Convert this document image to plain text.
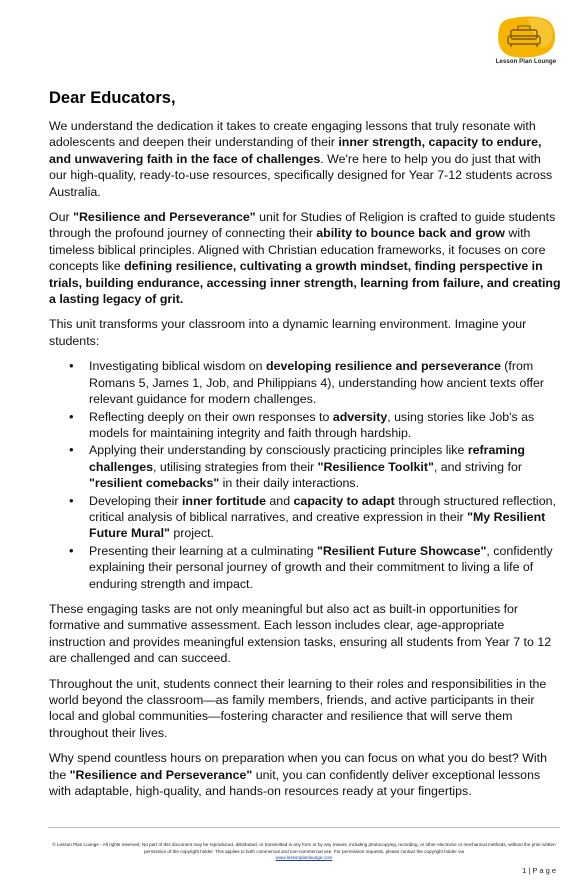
Lesson Plan Lounge
Dear Educators,

We understand the dedication it takes to create engaging lessons that truly resonate with adolescents and deepen their understanding of their inner strength, capacity to endure, and unwavering faith in the face of challenges. We're here to help you do just that with our high-quality, ready-to-use resources, specifically designed for Year 7-12 students across Australia.

Our "Resilience and Perseverance" unit for Studies of Religion is crafted to guide students through the profound journey of connecting their ability to bounce back and grow with timeless biblical principles. Aligned with Christian education frameworks, it focuses on core concepts like defining resilience, cultivating a growth mindset, finding perspective in trials, building endurance, accessing inner strength, learning from failure, and creating a lasting legacy of grit.

This unit transforms your classroom into a dynamic learning environment. Imagine your students:

• Investigating biblical wisdom on developing resilience and perseverance (from Romans 5, James 1, Job, and Philippians 4), understanding how ancient texts offer relevant guidance for modern challenges.
• Reflecting deeply on their own responses to adversity, using stories like Job's as models for maintaining integrity and faith through hardship.
• Applying their understanding by consciously practicing principles like reframing challenges, utilising strategies from their "Resilience Toolkit", and striving for "resilient comebacks" in their daily interactions.
• Developing their inner fortitude and capacity to adapt through structured reflection, critical analysis of biblical narratives, and creative expression in their "My Resilient Future Mural" project.
• Presenting their learning at a culminating "Resilient Future Showcase", confidently explaining their personal journey of growth and their commitment to living a life of enduring strength and impact.

These engaging tasks are not only meaningful but also act as built-in opportunities for formative and summative assessment. Each lesson includes clear, age-appropriate instruction and provides meaningful extension tasks, ensuring all students from Year 7 to 12 are challenged and can succeed.

Throughout the unit, students connect their learning to their roles and responsibilities in the world beyond the classroom—as family members, friends, and active participants in their local and global communities—fostering character and resilience that will serve them throughout their lives.

Why spend countless hours on preparation when you can focus on what you do best? With the "Resilience and Perseverance" unit, you can confidently deliver exceptional lessons with adaptable, high-quality, and hands-on resources ready at your fingertips.

© Lesson Plan Lounge - All rights reserved. No part of this document may be reproduced, distributed, or transmitted in any form or by any means, including photocopying, recording, or other electronic or mechanical methods, without the prior written permission of the copyright holder. This applies to both commercial and non-commercial use. For permission requests, please contact the copyright holder via
www.lessonplanlounge.com
1 | P a g e
